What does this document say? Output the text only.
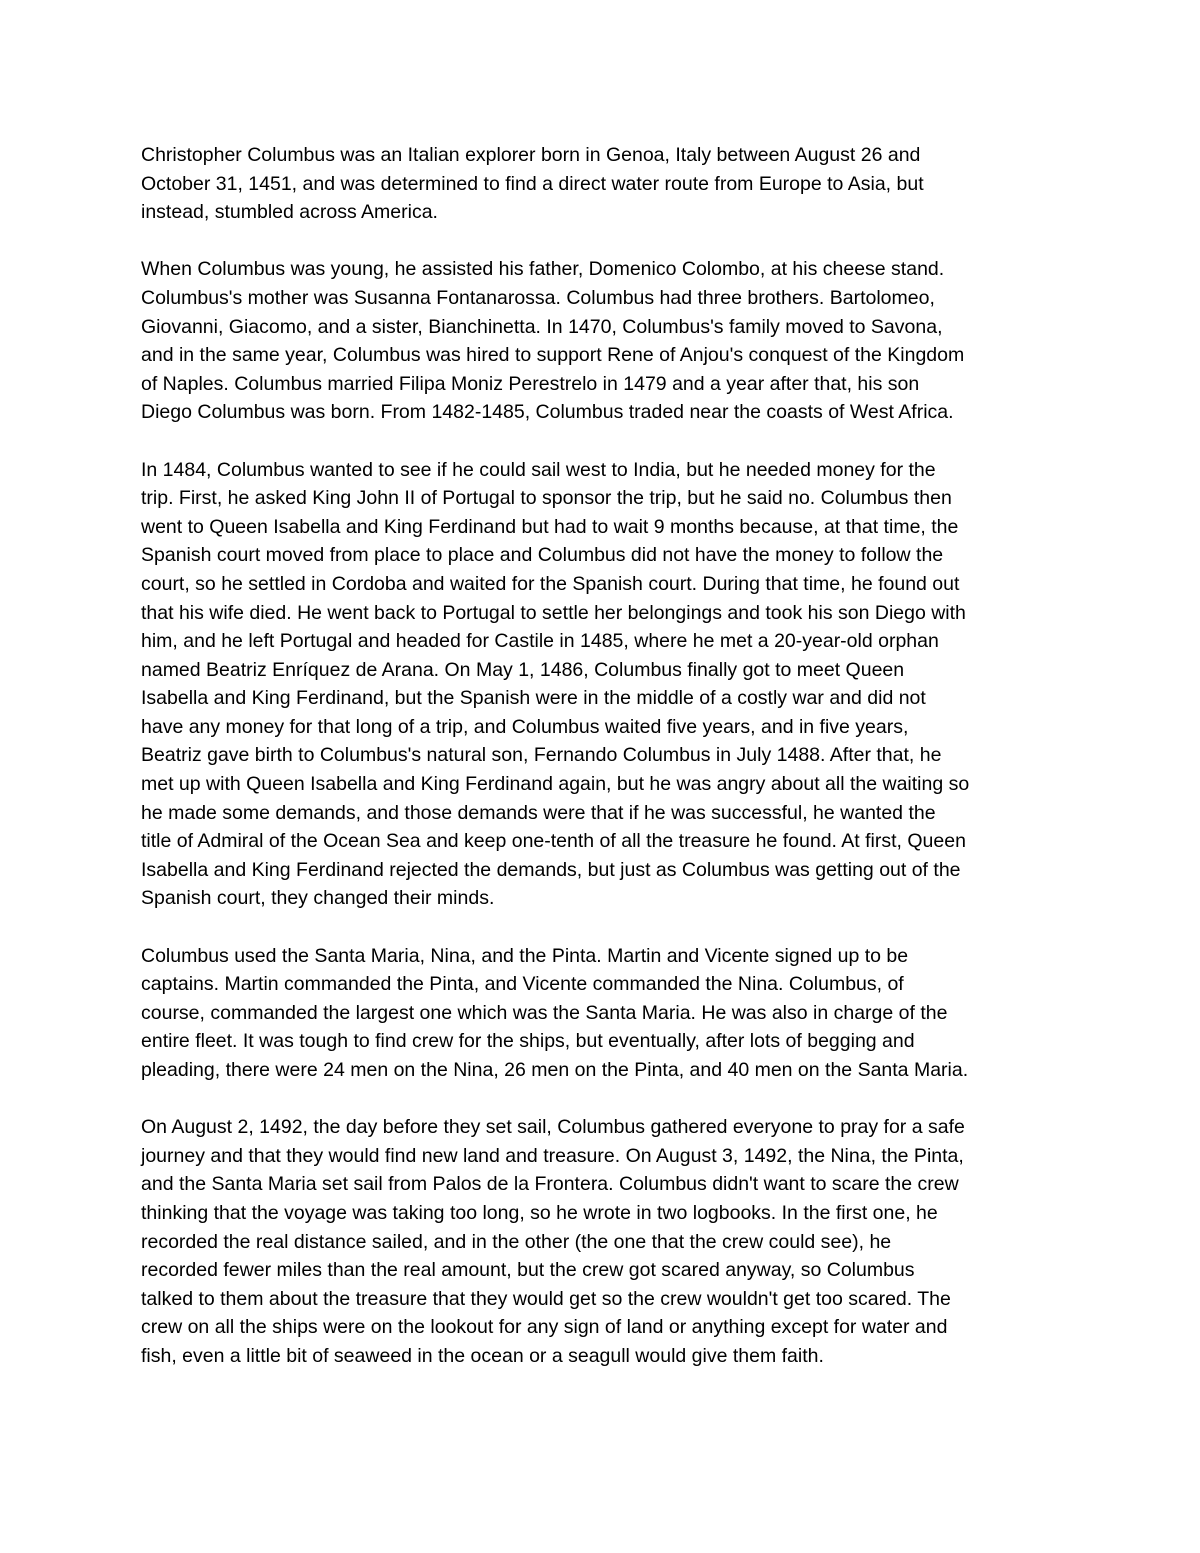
Christopher Columbus was an Italian explorer born in Genoa, Italy between August 26 and
October 31, 1451, and was determined to find a direct water route from Europe to Asia, but
instead, stumbled across America.

When Columbus was young, he assisted his father, Domenico Colombo, at his cheese stand.
Columbus's mother was Susanna Fontanarossa. Columbus had three brothers. Bartolomeo,
Giovanni, Giacomo, and a sister, Bianchinetta. In 1470, Columbus's family moved to Savona,
and in the same year, Columbus was hired to support Rene of Anjou's conquest of the Kingdom
of Naples. Columbus married Filipa Moniz Perestrelo in 1479 and a year after that, his son
Diego Columbus was born. From 1482-1485, Columbus traded near the coasts of West Africa.

In 1484, Columbus wanted to see if he could sail west to India, but he needed money for the
trip. First, he asked King John II of Portugal to sponsor the trip, but he said no. Columbus then
went to Queen Isabella and King Ferdinand but had to wait 9 months because, at that time, the
Spanish court moved from place to place and Columbus did not have the money to follow the
court, so he settled in Cordoba and waited for the Spanish court. During that time, he found out
that his wife died. He went back to Portugal to settle her belongings and took his son Diego with
him, and he left Portugal and headed for Castile in 1485, where he met a 20-year-old orphan
named Beatriz Enríquez de Arana. On May 1, 1486, Columbus finally got to meet Queen
Isabella and King Ferdinand, but the Spanish were in the middle of a costly war and did not
have any money for that long of a trip, and Columbus waited five years, and in five years,
Beatriz gave birth to Columbus's natural son, Fernando Columbus in July 1488. After that, he
met up with Queen Isabella and King Ferdinand again, but he was angry about all the waiting so
he made some demands, and those demands were that if he was successful, he wanted the
title of Admiral of the Ocean Sea and keep one-tenth of all the treasure he found. At first, Queen
Isabella and King Ferdinand rejected the demands, but just as Columbus was getting out of the
Spanish court, they changed their minds.

Columbus used the Santa Maria, Nina, and the Pinta. Martin and Vicente signed up to be
captains. Martin commanded the Pinta, and Vicente commanded the Nina. Columbus, of
course, commanded the largest one which was the Santa Maria. He was also in charge of the
entire fleet. It was tough to find crew for the ships, but eventually, after lots of begging and
pleading, there were 24 men on the Nina, 26 men on the Pinta, and 40 men on the Santa Maria.

On August 2, 1492, the day before they set sail, Columbus gathered everyone to pray for a safe
journey and that they would find new land and treasure. On August 3, 1492, the Nina, the Pinta,
and the Santa Maria set sail from Palos de la Frontera. Columbus didn't want to scare the crew
thinking that the voyage was taking too long, so he wrote in two logbooks. In the first one, he
recorded the real distance sailed, and in the other (the one that the crew could see), he
recorded fewer miles than the real amount, but the crew got scared anyway, so Columbus
talked to them about the treasure that they would get so the crew wouldn't get too scared. The
crew on all the ships were on the lookout for any sign of land or anything except for water and
fish, even a little bit of seaweed in the ocean or a seagull would give them faith.
